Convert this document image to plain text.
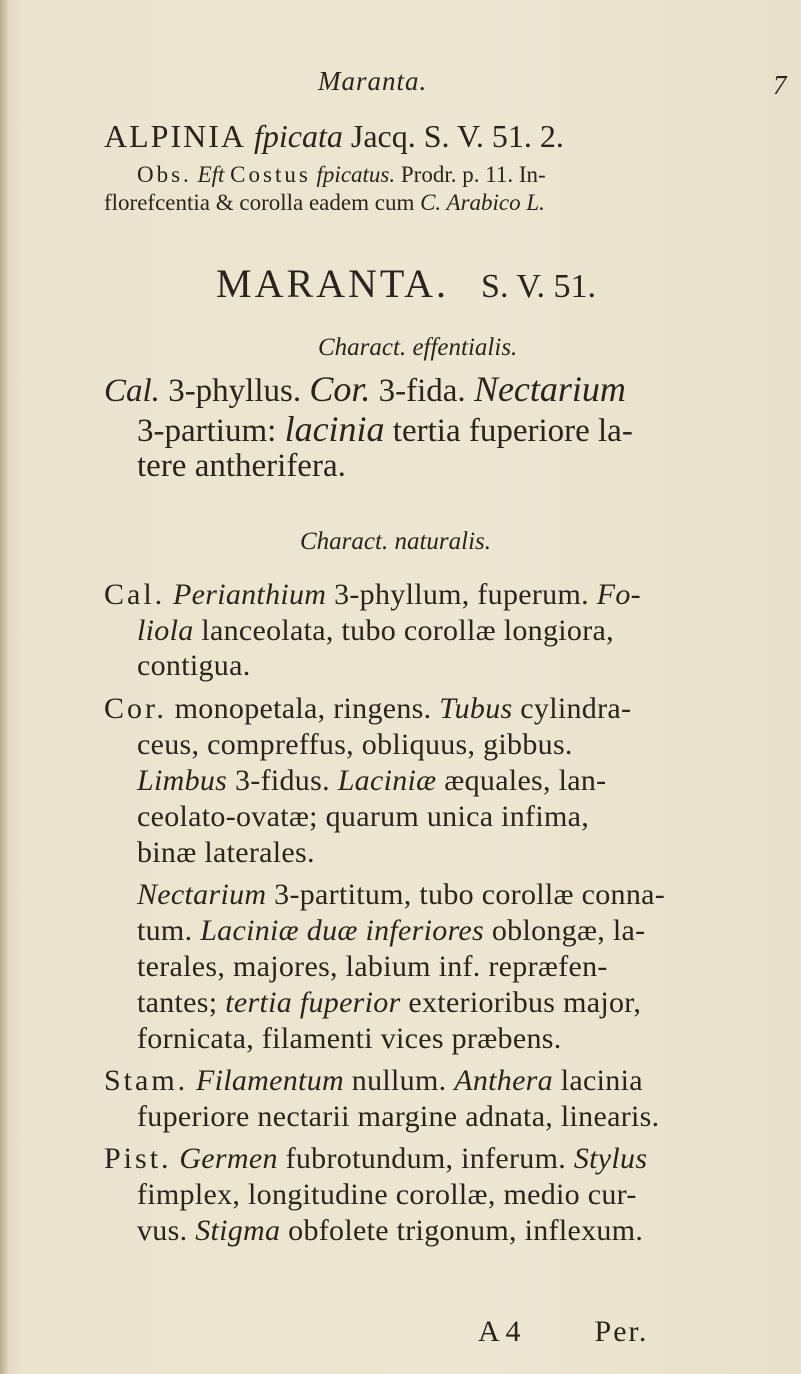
Maranta.	7
ALPINIA fpicata Jacq. S. V. 51. 2.
Obs. Eft Costus fpicatus. Prodr. p. 11. In-
florefcentia & corolla eadem cum C. Arabico L.
MARANTA. S. V. 51.
Charact. effentialis.
Cal. 3-phyllus. Cor. 3-fida. Nectarium
3-partium: lacinia tertia fuperiore la-
tere antherifera.
Charact. naturalis.
Cal. Perianthium 3-phyllum, fuperum. Fo-
liola lanceolata, tubo corollæ longiora,
contigua.
Cor. monopetala, ringens. Tubus cylindra-
ceus, compreffus, obliquus, gibbus.
Limbus 3-fidus. Laciniæ æquales, lan-
ceolato-ovatæ; quarum unica infima,
binæ laterales.
Nectarium 3-partitum, tubo corollæ conna-
tum. Laciniæ duæ inferiores oblongæ, la-
terales, majores, labium inf. repræfen-
tantes; tertia fuperior exterioribus major,
fornicata, filamenti vices præbens.
Stam. Filamentum nullum. Anthera lacinia
fuperiore nectarii margine adnata, linearis.
Pist. Germen fubrotundum, inferum. Stylus
fimplex, longitudine corollæ, medio cur-
vus. Stigma obfolete trigonum, inflexum.
A 4 Per.
